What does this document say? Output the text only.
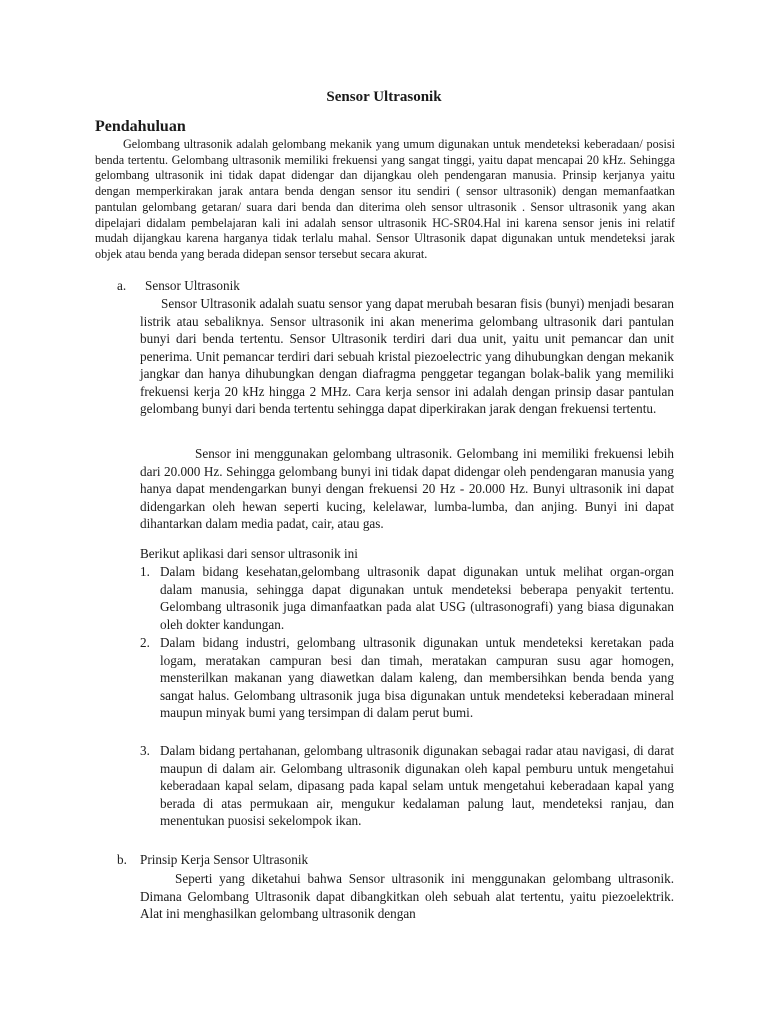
Sensor Ultrasonik
Pendahuluan
Gelombang ultrasonik adalah gelombang mekanik yang umum digunakan untuk mendeteksi keberadaan/ posisi benda tertentu. Gelombang ultrasonik memiliki frekuensi yang sangat tinggi, yaitu dapat mencapai 20 kHz. Sehingga gelombang ultrasonik ini tidak dapat didengar dan dijangkau oleh pendengaran manusia. Prinsip kerjanya yaitu dengan memperkirakan jarak antara benda dengan sensor itu sendiri ( sensor ultrasonik) dengan memanfaatkan pantulan gelombang getaran/ suara dari benda dan diterima oleh sensor ultrasonik . Sensor ultrasonik yang akan dipelajari didalam pembelajaran kali ini adalah sensor ultrasonik HC-SR04.Hal ini karena sensor jenis ini relatif mudah dijangkau karena harganya tidak terlalu mahal. Sensor Ultrasonik dapat digunakan untuk mendeteksi jarak objek atau benda yang berada didepan sensor tersebut secara akurat.
a. Sensor Ultrasonik
Sensor Ultrasonik adalah suatu sensor yang dapat merubah besaran fisis (bunyi) menjadi besaran listrik atau sebaliknya. Sensor ultrasonik ini akan menerima gelombang ultrasonik dari pantulan bunyi dari benda tertentu. Sensor Ultrasonik terdiri dari dua unit, yaitu unit pemancar dan unit penerima. Unit pemancar terdiri dari sebuah kristal piezoelectric yang dihubungkan dengan mekanik jangkar dan hanya dihubungkan dengan diafragma penggetar tegangan bolak-balik yang memiliki frekuensi kerja 20 kHz hingga 2 MHz. Cara kerja sensor ini adalah dengan prinsip dasar pantulan gelombang bunyi dari benda tertentu sehingga dapat diperkirakan jarak dengan frekuensi tertentu.
Sensor ini menggunakan gelombang ultrasonik. Gelombang ini memiliki frekuensi lebih dari 20.000 Hz. Sehingga gelombang bunyi ini tidak dapat didengar oleh pendengaran manusia yang hanya dapat mendengarkan bunyi dengan frekuensi 20 Hz - 20.000 Hz. Bunyi ultrasonik ini dapat didengarkan oleh hewan seperti kucing, kelelawar, lumba-lumba, dan anjing. Bunyi ini dapat dihantarkan dalam media padat, cair, atau gas.
Berikut aplikasi dari sensor ultrasonik ini
1. Dalam bidang kesehatan,gelombang ultrasonik dapat digunakan untuk melihat organ-organ dalam manusia, sehingga dapat digunakan untuk mendeteksi beberapa penyakit tertentu. Gelombang ultrasonik juga dimanfaatkan pada alat USG (ultrasonografi) yang biasa digunakan oleh dokter kandungan.
2. Dalam bidang industri, gelombang ultrasonik digunakan untuk mendeteksi keretakan pada logam, meratakan campuran besi dan timah, meratakan campuran susu agar homogen, mensterilkan makanan yang diawetkan dalam kaleng, dan membersihkan benda benda yang sangat halus. Gelombang ultrasonik juga bisa digunakan untuk mendeteksi keberadaan mineral maupun minyak bumi yang tersimpan di dalam perut bumi.
3. Dalam bidang pertahanan, gelombang ultrasonik digunakan sebagai radar atau navigasi, di darat maupun di dalam air. Gelombang ultrasonik digunakan oleh kapal pemburu untuk mengetahui keberadaan kapal selam, dipasang pada kapal selam untuk mengetahui keberadaan kapal yang berada di atas permukaan air, mengukur kedalaman palung laut, mendeteksi ranjau, dan menentukan puosisi sekelompok ikan.
b. Prinsip Kerja Sensor Ultrasonik
Seperti yang diketahui bahwa Sensor ultrasonik ini menggunakan gelombang ultrasonik. Dimana Gelombang Ultrasonik dapat dibangkitkan oleh sebuah alat tertentu, yaitu piezoelektrik. Alat ini menghasilkan gelombang ultrasonik dengan
